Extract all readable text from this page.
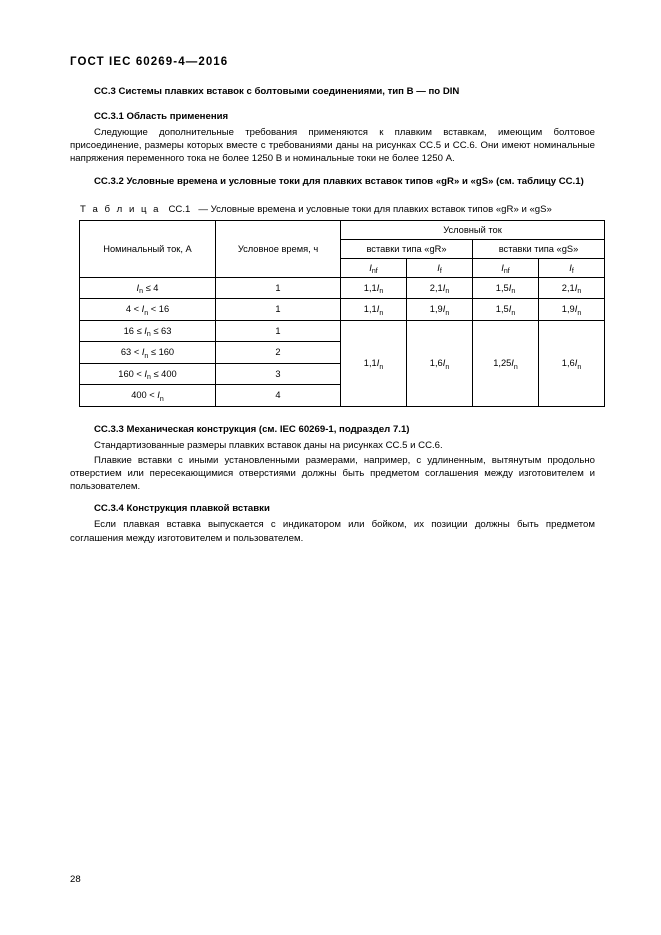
ГОСТ IEC 60269-4—2016
CC.3 Системы плавких вставок с болтовыми соединениями, тип B — по DIN
CC.3.1 Область применения

Следующие дополнительные требования применяются к плавким вставкам, имеющим болтовое присоединение, размеры которых вместе с требованиями даны на рисунках CC.5 и CC.6. Они имеют номинальные напряжения переменного тока не более 1250 В и номинальные токи не более 1250 А.

CC.3.2 Условные времена и условные токи для плавких вставок типов «gR» и «gS» (см. таблицу CC.1)
Т а б л и ц а CC.1 — Условные времена и условные токи для плавких вставок типов «gR» и «gS»
Номинальный ток, А	Условное время, ч	Условный ток			
		вставки типа «gR»		вставки типа «gS»	
		$I_{nf}$	$I_f$	$I_{nf}$	$I_f$
$I_n \le 4$	1	$1,1I_n$	$2,1I_n$	$1,5I_n$	$2,1I_n$
$4 < I_n < 16$	1	$1,1I_n$	$1,9I_n$	$1,5I_n$	$1,9I_n$
$16 \le I_n \le 63$	1	$1,1I_n$	$1,6I_n$	$1,25I_n$	$1,6I_n$
$63 < I_n \le 160$	2				
$160 < I_n \le 400$	3				
$400 < I_n$	4				
CC.3.3 Механическая конструкция (см. IEC 60269-1, подраздел 7.1)

Стандартизованные размеры плавких вставок даны на рисунках CC.5 и CC.6.

Плавкие вставки с иными установленными размерами, например, с удлиненным, вытянутым продольно отверстием или пересекающимися отверстиями должны быть предметом соглашения между изготовителем и пользователем.

CC.3.4 Конструкция плавкой вставки

Если плавкая вставка выпускается с индикатором или бойком, их позиции должны быть предметом соглашения между изготовителем и пользователем.

28
